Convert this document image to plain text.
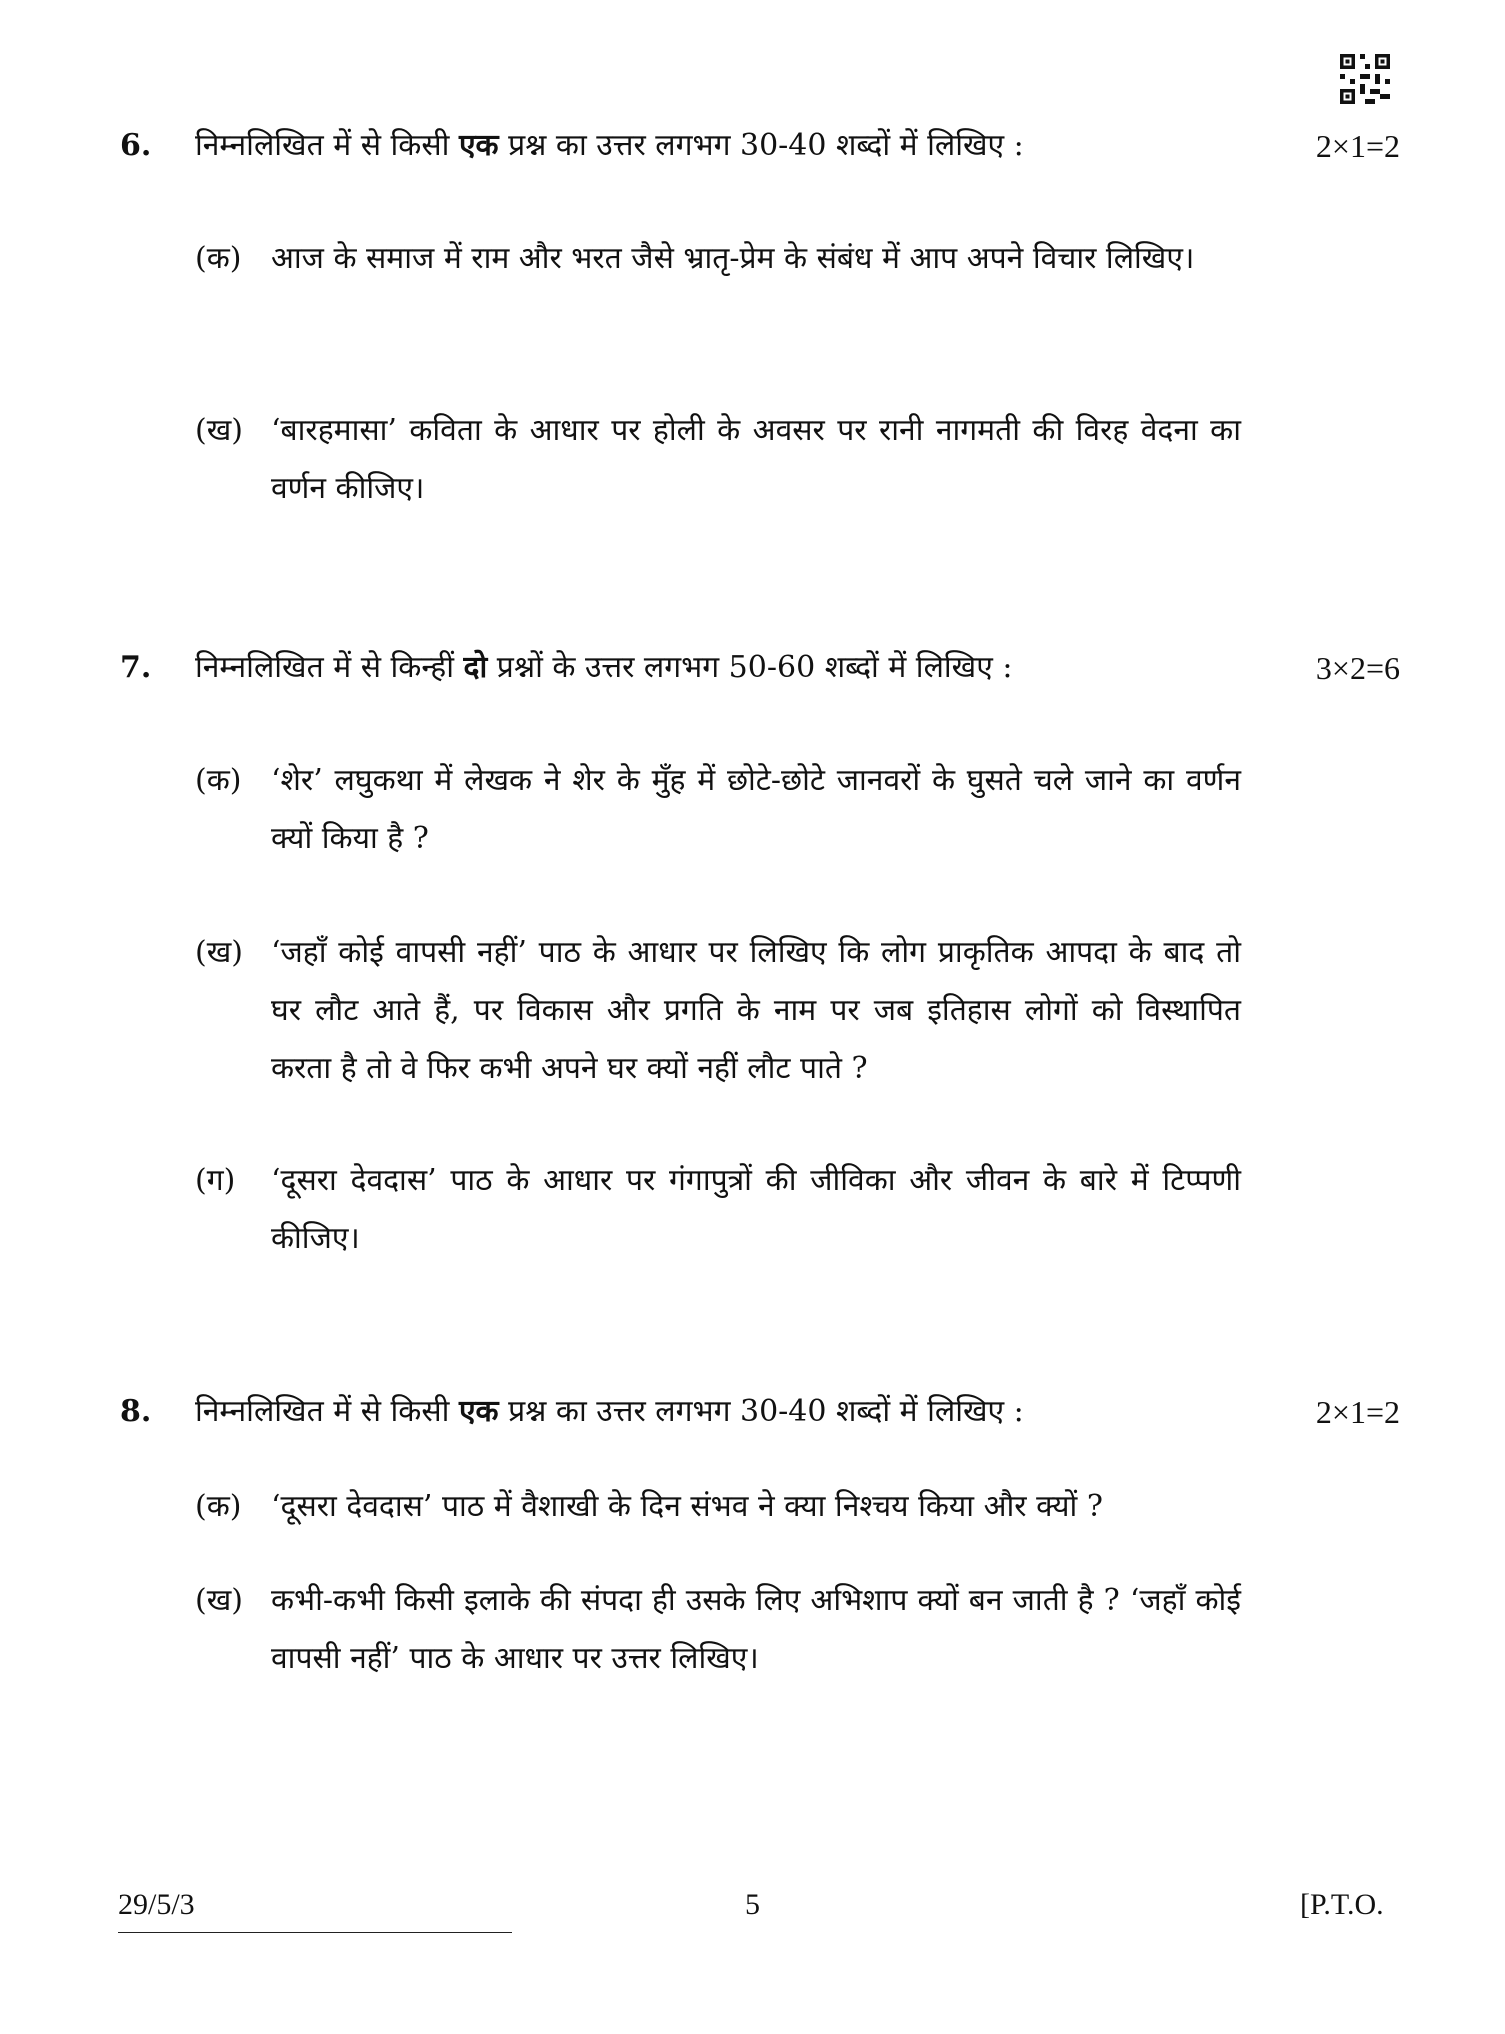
6. निम्नलिखित में से किसी एक प्रश्न का उत्तर लगभग 30-40 शब्दों में लिखिए :	2×1=2
(क) आज के समाज में राम और भरत जैसे भ्रातृ-प्रेम के संबंध में आप अपने विचार लिखिए।
(ख) ‘बारहमासा’ कविता के आधार पर होली के अवसर पर रानी नागमती की विरह वेदना का वर्णन कीजिए।
7. निम्नलिखित में से किन्हीं दो प्रश्नों के उत्तर लगभग 50-60 शब्दों में लिखिए :	3×2=6
(क) ‘शेर’ लघुकथा में लेखक ने शेर के मुँह में छोटे-छोटे जानवरों के घुसते चले जाने का वर्णन क्यों किया है ?
(ख) ‘जहाँ कोई वापसी नहीं’ पाठ के आधार पर लिखिए कि लोग प्राकृतिक आपदा के बाद तो घर लौट आते हैं, पर विकास और प्रगति के नाम पर जब इतिहास लोगों को विस्थापित करता है तो वे फिर कभी अपने घर क्यों नहीं लौट पाते ?
(ग) ‘दूसरा देवदास’ पाठ के आधार पर गंगापुत्रों की जीविका और जीवन के बारे में टिप्पणी कीजिए।
8. निम्नलिखित में से किसी एक प्रश्न का उत्तर लगभग 30-40 शब्दों में लिखिए :	2×1=2
(क) ‘दूसरा देवदास’ पाठ में वैशाखी के दिन संभव ने क्या निश्चय किया और क्यों ?
(ख) कभी-कभी किसी इलाके की संपदा ही उसके लिए अभिशाप क्यों बन जाती है ? ‘जहाँ कोई वापसी नहीं’ पाठ के आधार पर उत्तर लिखिए।
29/5/3	5	[P.T.O.
